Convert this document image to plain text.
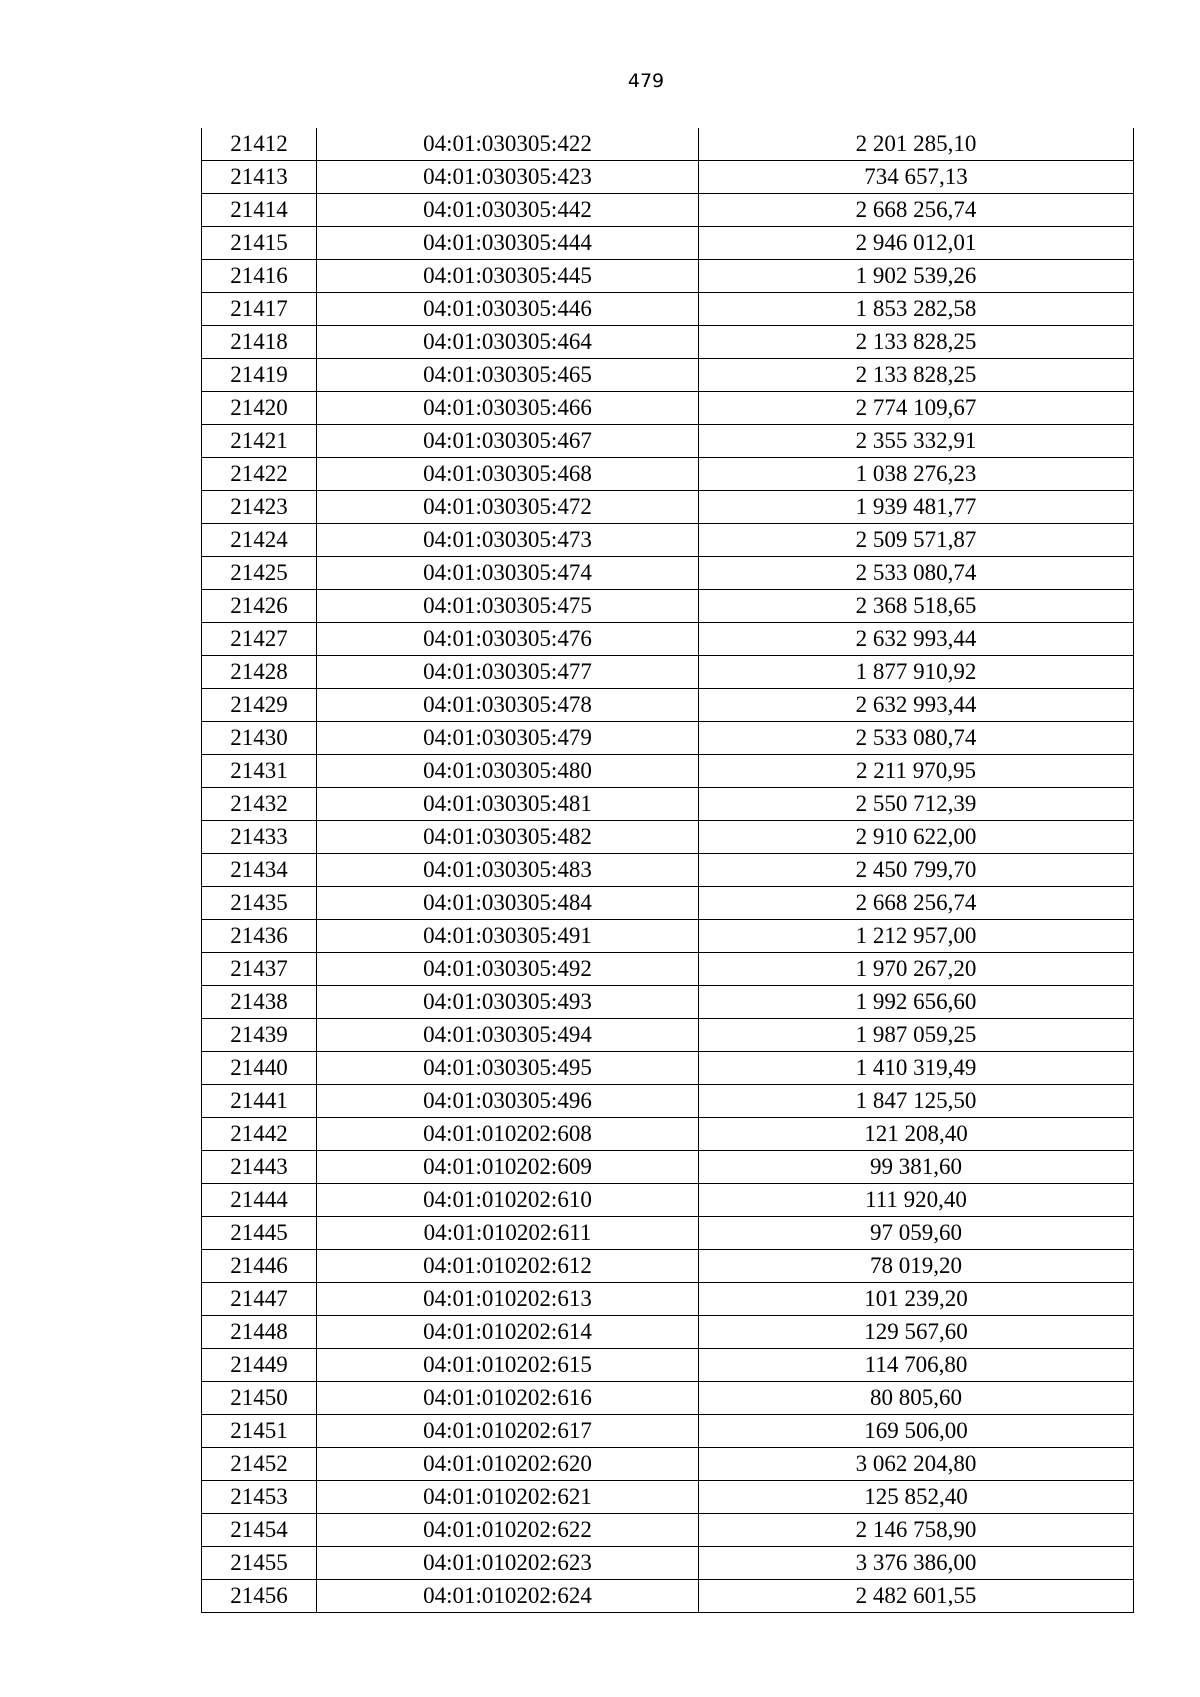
479
21412	04:01:030305:422	2 201 285,10
21413	04:01:030305:423	734 657,13
21414	04:01:030305:442	2 668 256,74
21415	04:01:030305:444	2 946 012,01
21416	04:01:030305:445	1 902 539,26
21417	04:01:030305:446	1 853 282,58
21418	04:01:030305:464	2 133 828,25
21419	04:01:030305:465	2 133 828,25
21420	04:01:030305:466	2 774 109,67
21421	04:01:030305:467	2 355 332,91
21422	04:01:030305:468	1 038 276,23
21423	04:01:030305:472	1 939 481,77
21424	04:01:030305:473	2 509 571,87
21425	04:01:030305:474	2 533 080,74
21426	04:01:030305:475	2 368 518,65
21427	04:01:030305:476	2 632 993,44
21428	04:01:030305:477	1 877 910,92
21429	04:01:030305:478	2 632 993,44
21430	04:01:030305:479	2 533 080,74
21431	04:01:030305:480	2 211 970,95
21432	04:01:030305:481	2 550 712,39
21433	04:01:030305:482	2 910 622,00
21434	04:01:030305:483	2 450 799,70
21435	04:01:030305:484	2 668 256,74
21436	04:01:030305:491	1 212 957,00
21437	04:01:030305:492	1 970 267,20
21438	04:01:030305:493	1 992 656,60
21439	04:01:030305:494	1 987 059,25
21440	04:01:030305:495	1 410 319,49
21441	04:01:030305:496	1 847 125,50
21442	04:01:010202:608	121 208,40
21443	04:01:010202:609	99 381,60
21444	04:01:010202:610	111 920,40
21445	04:01:010202:611	97 059,60
21446	04:01:010202:612	78 019,20
21447	04:01:010202:613	101 239,20
21448	04:01:010202:614	129 567,60
21449	04:01:010202:615	114 706,80
21450	04:01:010202:616	80 805,60
21451	04:01:010202:617	169 506,00
21452	04:01:010202:620	3 062 204,80
21453	04:01:010202:621	125 852,40
21454	04:01:010202:622	2 146 758,90
21455	04:01:010202:623	3 376 386,00
21456	04:01:010202:624	2 482 601,55
